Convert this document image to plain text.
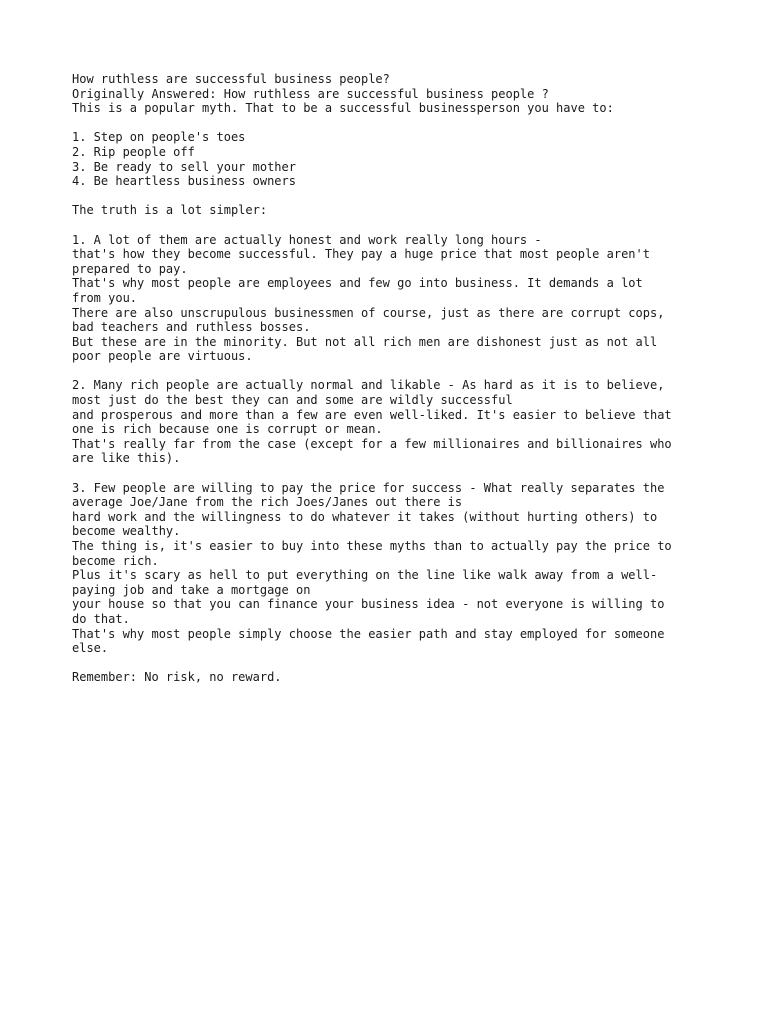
How ruthless are successful business people?
Originally Answered: How ruthless are successful business people ?
This is a popular myth. That to be a successful businessperson you have to:
1. Step on people's toes
2. Rip people off
3. Be ready to sell your mother
4. Be heartless business owners
The truth is a lot simpler:
1. A lot of them are actually honest and work really long hours -
that's how they become successful. They pay a huge price that most people aren't
prepared to pay.
That's why most people are employees and few go into business. It demands a lot
from you.
There are also unscrupulous businessmen of course, just as there are corrupt cops,
bad teachers and ruthless bosses.
But these are in the minority. But not all rich men are dishonest just as not all
poor people are virtuous.
2. Many rich people are actually normal and likable - As hard as it is to believe,
most just do the best they can and some are wildly successful
and prosperous and more than a few are even well-liked. It's easier to believe that
one is rich because one is corrupt or mean.
That's really far from the case (except for a few millionaires and billionaires who
are like this).
3. Few people are willing to pay the price for success - What really separates the
average Joe/Jane from the rich Joes/Janes out there is
hard work and the willingness to do whatever it takes (without hurting others) to
become wealthy.
The thing is, it's easier to buy into these myths than to actually pay the price to
become rich.
Plus it's scary as hell to put everything on the line like walk away from a well-
paying job and take a mortgage on
your house so that you can finance your business idea - not everyone is willing to
do that.
That's why most people simply choose the easier path and stay employed for someone
else.
Remember: No risk, no reward.
